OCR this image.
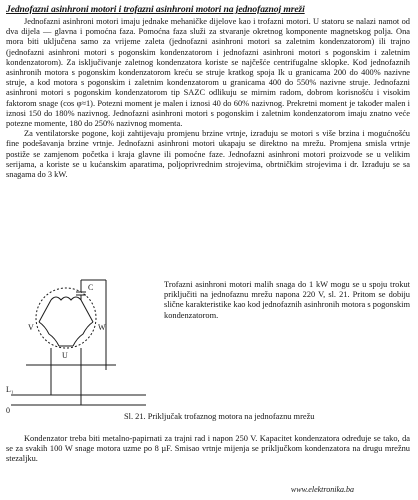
Jednofazni asinhroni motori i trofazni asinhroni motori na jednofaznoj mreži

Jednofazni asinhroni motori imaju jednake mehaničke dijelove kao i trofazni motori. U statoru se nalazi namot od dva dijela — glavna i pomoćna faza. Pomoćna faza služi za stvaranje okretnog komponente magnetskog polja. Ona mora biti uključena samo za vrijeme zaleta (jednofazni asinhroni motori sa zaletnim kondenzatorom) ili trajno (jednofazni asinhroni motori s pogonskim kondenzatorom i jednofazni asinhroni motori s pogonskim i zaletnim kondenzatorom). Za isključivanje zaletnog kondenzatora koriste se najčešće centrifugalne sklopke. Kod jednofaznih asinhronih motora s pogonskim kondenzatorom kreću se struje kratkog spoja Ik u granicama 200 do 400% nazivne struje, a kod motora s pogonskim i zaletnim kondenzatorom u granicama 400 do 550% nazivne struje. Jednofazni asinhroni motori s pogonskim kondenzatorom tip SAZC odlikuju se mirnim radom, dobrom korisnošću i visokim faktorom snage (cos φ≈1). Potezni moment je malen i iznosi 40 do 60% nazivnog. Prekretni moment je također malen i iznosi 150 do 180% nazivnog. Jednofazni asinhroni motori s pogonskim i zaletnim kondenzatorom imaju znatno veće potezne momente, 180 do 250% nazivnog momenta.

Za ventilatorske pogone, koji zahtijevaju promjenu brzine vrtnje, izrađuju se motori s više brzina i mogućnošću fine podešavanja brzine vrtnje. Jednofazni asinhroni motori ukapaju se direktno na mrežu. Promjena smisla vrtnje postiže se zamjenom početka i kraja glavne ili pomoćne faze. Jednofazni asinhroni motori proizvode se u velikim serijama, a koriste se u kućanskim aparatima, poljoprivrednim strojevima, obrtničkim strojevima i dr. Izrađuju se sa snagama do 3 kW.

C
V	W
U
L₁
0
Trofazni asinhroni motori malih snaga do 1 kW mogu se u spoju trokut priključiti na jednofaznu mrežu napona 220 V, sl. 21. Pritom se dobiju slične karakteristike kao kod jednofaznih asinhronih motora s pogonskim kondenzatorom.
Sl. 21. Priključak trofaznog motora na jednofaznu mrežu

Kondenzator treba biti metalno-papirnati za trajni rad i napon 250 V. Kapacitet kondenzatora određuje se tako, da se za svakih 100 W snage motora uzme po 8 µF. Smisao vrtnje mijenja se priključkom kondenzatora na drugu mrežnu stezaljku.

www.elektronika.ba
